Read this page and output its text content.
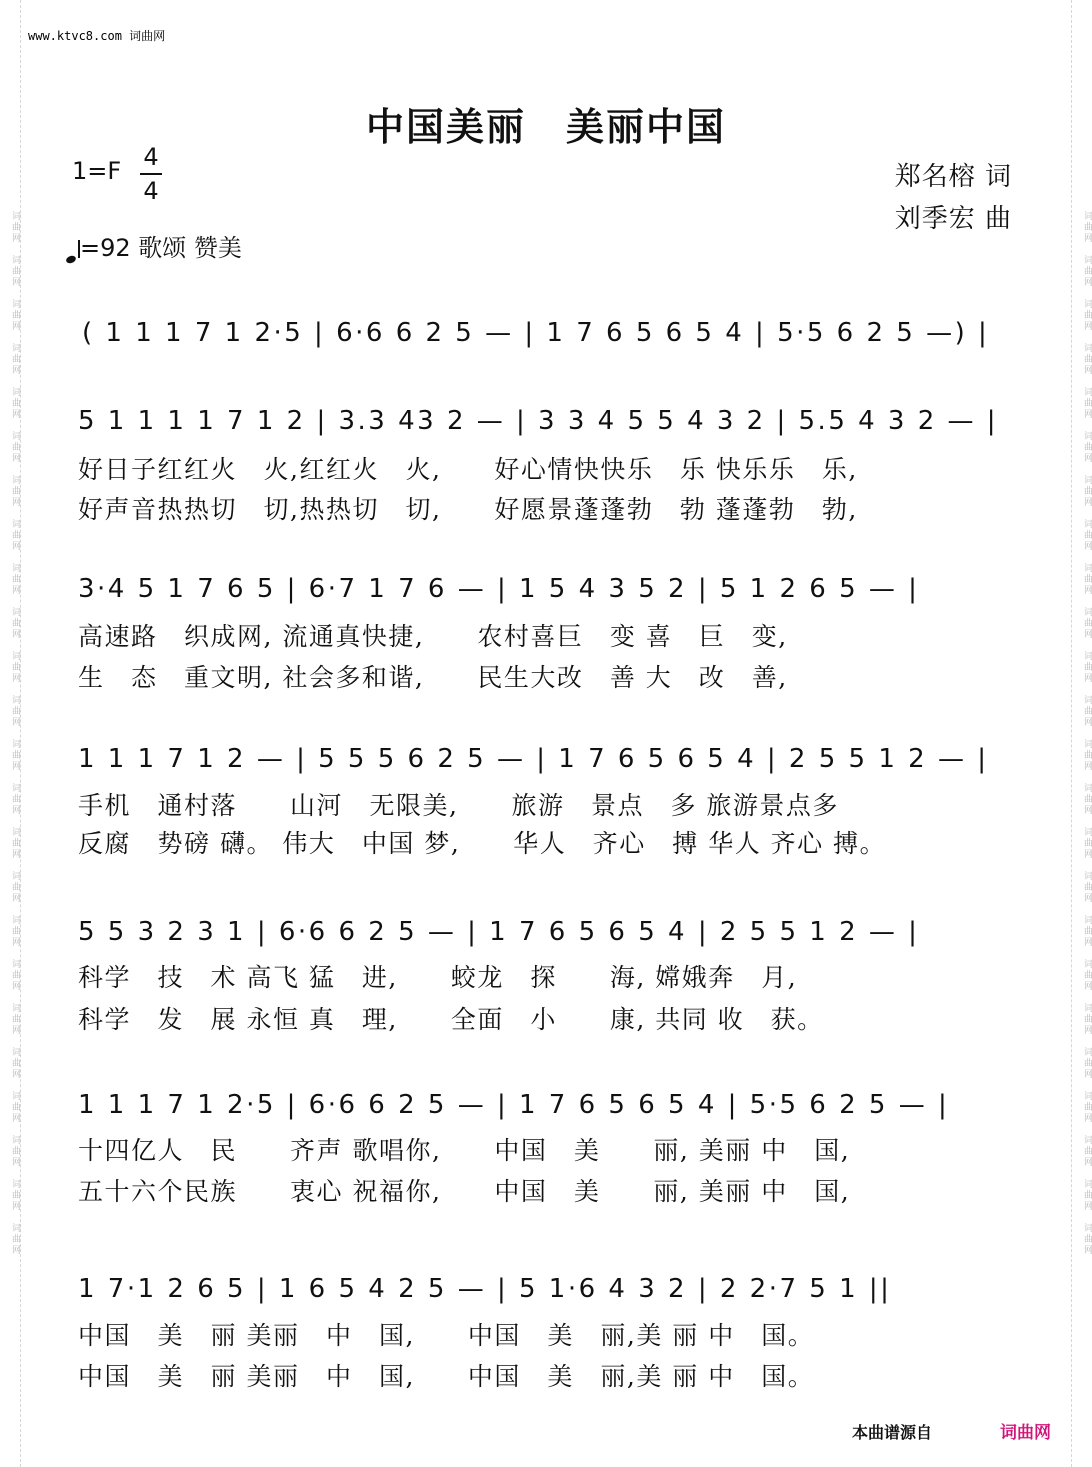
词曲网　词曲网　词曲网　词曲网　词曲网　词曲网　词曲网　词曲网　词曲网　词曲网　词曲网　词曲网　词曲网　词曲网　词曲网　词曲网　词曲网　词曲网　词曲网　词曲网　词曲网　词曲网　词曲网　词曲网
词曲网　词曲网　词曲网　词曲网　词曲网　词曲网　词曲网　词曲网　词曲网　词曲网　词曲网　词曲网　词曲网　词曲网　词曲网　词曲网　词曲网　词曲网　词曲网　词曲网　词曲网　词曲网　词曲网　词曲网
www.ktvc8.com 词曲网
中国美丽　美丽中国
1=F 4
4
=92 歌颂 赞美
郑名榕 词
刘季宏 曲
( 1 1 1 7 1 2·5 | 6·6 6 2 5 — | 1 7 6 5 6 5 4 | 5·5 6 2 5 —) |
5 1 1 1 1 7 1 2 | 3.3 43 2 — | 3 3 4 5 5 4 3 2 | 5.5 4 3 2 — |
好日子红红火　火,红红火　火,　　好心情快快乐　乐 快乐乐　乐,
好声音热热切　切,热热切　切,　　好愿景蓬蓬勃　勃 蓬蓬勃　勃,
3·4 5 1 7 6 5 | 6·7 1 7 6 — | 1 5 4 3 5 2 | 5 1 2 6 5 — |
高速路　织成网, 流通真快捷,　　农村喜巨　变 喜　巨　变,
生　态　重文明, 社会多和谐,　　民生大改　善 大　改　善,
1 1 1 7 1 2 — | 5 5 5 6 2 5 — | 1 7 6 5 6 5 4 | 2 5 5 1 2 — |
手机　通村落　　山河　无限美,　　旅游　景点　多 旅游景点多
反腐　势磅 礴。 伟大　中国 梦,　　华人　齐心　搏 华人 齐心 搏。
5 5 3 2 3 1 | 6·6 6 2 5 — | 1 7 6 5 6 5 4 | 2 5 5 1 2 — |
科学　技　术 高飞 猛　进,　　蛟龙　探　　海, 嫦娥奔　月,
科学　发　展 永恒 真　理,　　全面　小　　康, 共同 收　获。
1 1 1 7 1 2·5 | 6·6 6 2 5 — | 1 7 6 5 6 5 4 | 5·5 6 2 5 — |
十四亿人　民　　齐声 歌唱你,　　中国　美　　丽, 美丽 中　国,
五十六个民族　　衷心 祝福你,　　中国　美　　丽, 美丽 中　国,
1 7·1 2 6 5 | 1 6 5 4 2 5 — | 5 1·6 4 3 2 | 2 2·7 5 1 ||
中国　美　丽 美丽　中　国,　　中国　美　丽,美 丽 中　国。
中国　美　丽 美丽　中　国,　　中国　美　丽,美 丽 中　国。
本曲谱源自	词曲网
